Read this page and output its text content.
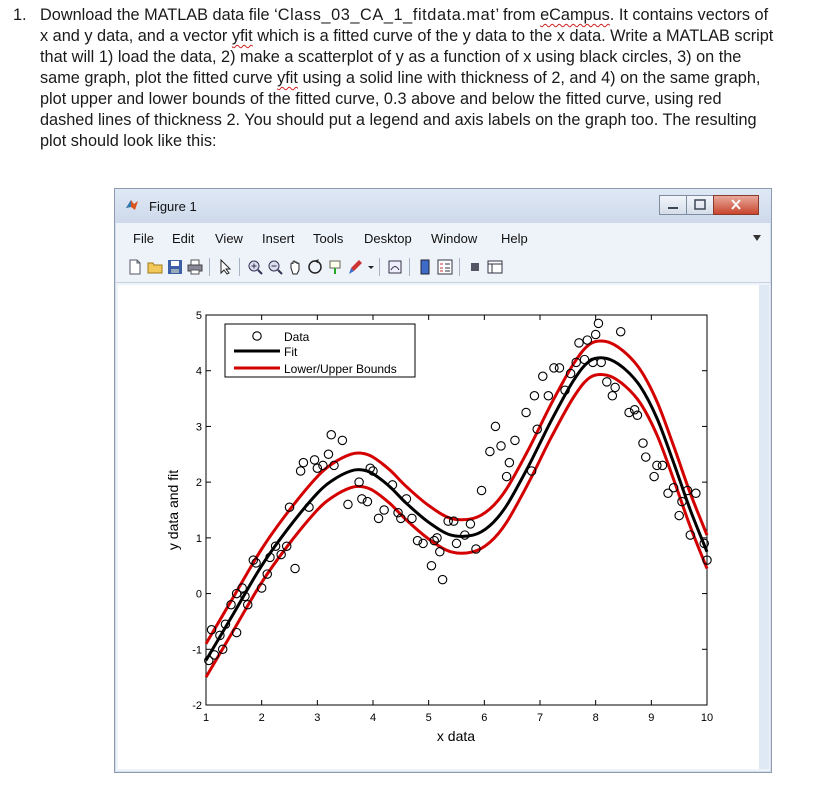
1. Download the MATLAB data file ‘Class_03_CA_1_fitdata.mat’ from eCampus. It contains vectors of x and y data, and a vector yfit which is a fitted curve of the y data to the x data. Write a MATLAB script that will 1) load the data, 2) make a scatterplot of y as a function of x using black circles, 3) on the same graph, plot the fitted curve yfit using a solid line with thickness of 2, and 4) on the same graph, plot upper and lower bounds of the fitted curve, 0.3 above and below the fitted curve, using red dashed lines of thickness 2. You should put a legend and axis labels on the graph too. The resulting plot should look like this:
Figure 1
File Edit View Insert Tools Desktop Window Help
1	2	3	4	5	6	7	8	9	10
-2
-1
0
1
2
3
4
5
x data
y data and fit
Data
Fit
Lower/Upper Bounds
